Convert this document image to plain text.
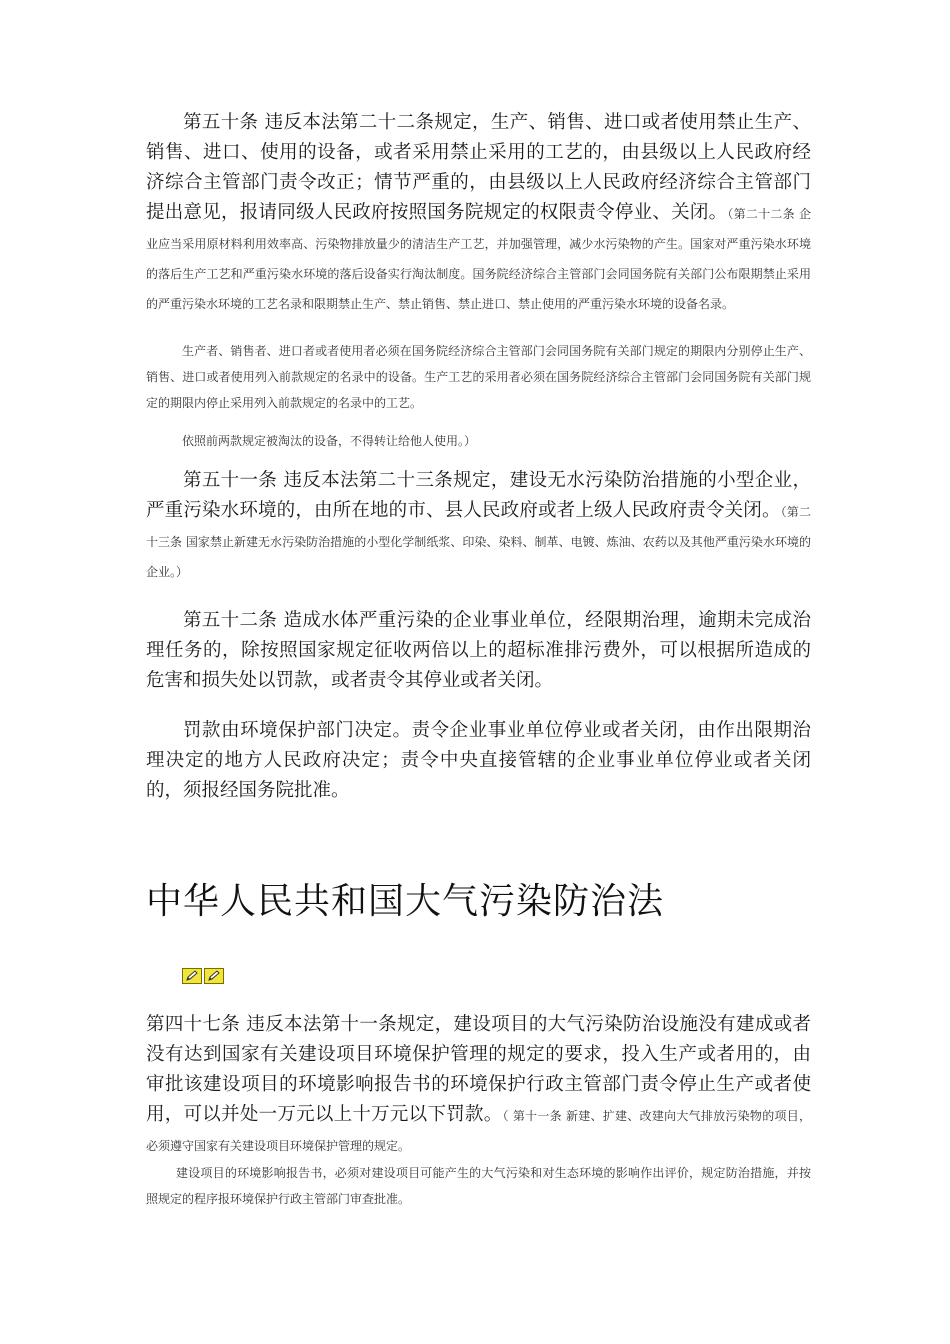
第五十条 违反本法第二十二条规定，生产、销售、进口或者使用禁止生产、销售、进口、使用的设备，或者采用禁止采用的工艺的，由县级以上人民政府经济综合主管部门责令改正；情节严重的，由县级以上人民政府经济综合主管部门提出意见，报请同级人民政府按照国务院规定的权限责令停业、关闭。（第二十二条 企业应当采用原材料利用效率高、污染物排放量少的清洁生产工艺，并加强管理，减少水污染物的产生。国家对严重污染水环境的落后生产工艺和严重污染水环境的落后设备实行淘汰制度。国务院经济综合主管部门会同国务院有关部门公布限期禁止采用的严重污染水环境的工艺名录和限期禁止生产、禁止销售、禁止进口、禁止使用的严重污染水环境的设备名录。

生产者、销售者、进口者或者使用者必须在国务院经济综合主管部门会同国务院有关部门规定的期限内分别停止生产、销售、进口或者使用列入前款规定的名录中的设备。生产工艺的采用者必须在国务院经济综合主管部门会同国务院有关部门规定的期限内停止采用列入前款规定的名录中的工艺。

依照前两款规定被淘汰的设备，不得转让给他人使用。）

第五十一条 违反本法第二十三条规定，建设无水污染防治措施的小型企业，严重污染水环境的，由所在地的市、县人民政府或者上级人民政府责令关闭。（第二十三条 国家禁止新建无水污染防治措施的小型化学制纸浆、印染、染料、制革、电镀、炼油、农药以及其他严重污染水环境的企业。）

第五十二条 造成水体严重污染的企业事业单位，经限期治理，逾期未完成治理任务的，除按照国家规定征收两倍以上的超标准排污费外，可以根据所造成的危害和损失处以罚款，或者责令其停业或者关闭。

罚款由环境保护部门决定。责令企业事业单位停业或者关闭，由作出限期治理决定的地方人民政府决定；责令中央直接管辖的企业事业单位停业或者关闭的，须报经国务院批准。

中华人民共和国大气污染防治法

第四十七条 违反本法第十一条规定，建设项目的大气污染防治设施没有建成或者没有达到国家有关建设项目环境保护管理的规定的要求，投入生产或者用的，由审批该建设项目的环境影响报告书的环境保护行政主管部门责令停止生产或者使用，可以并处一万元以上十万元以下罚款。（ 第十一条 新建、扩建、改建向大气排放污染物的项目，必须遵守国家有关建设项目环境保护管理的规定。

建设项目的环境影响报告书，必须对建设项目可能产生的大气污染和对生态环境的影响作出评价，规定防治措施，并按照规定的程序报环境保护行政主管部门审查批准。
